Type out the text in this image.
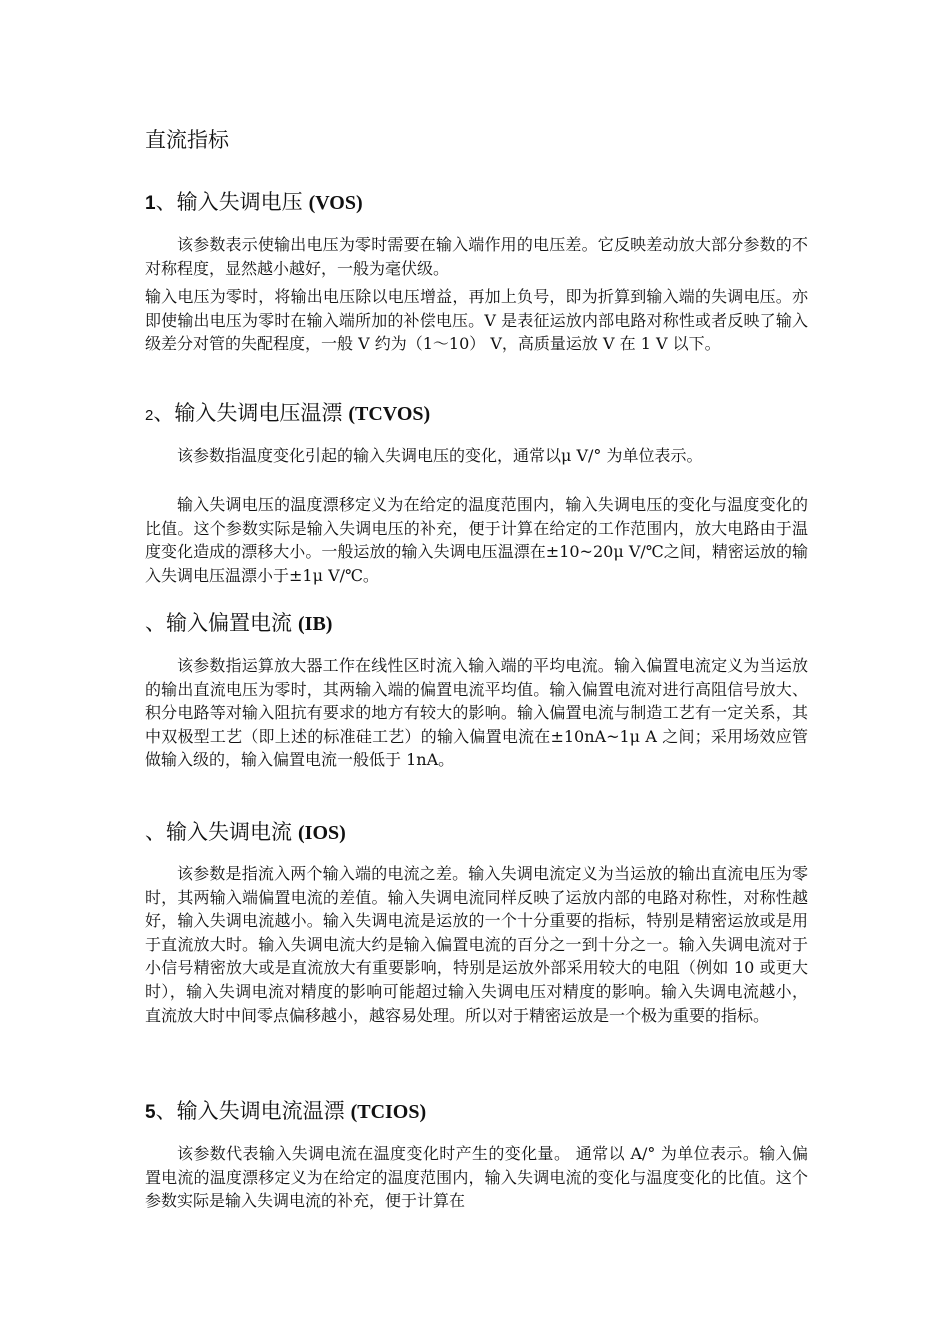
直流指标
1、输入失调电压 (VOS)

该参数表示使输出电压为零时需要在输入端作用的电压差。它反映差动放大部分参数的不对称程度，显然越小越好，一般为毫伏级。

输入电压为零时，将输出电压除以电压增益，再加上负号，即为折算到输入端的失调电压。亦即使输出电压为零时在输入端所加的补偿电压。V 是表征运放内部电路对称性或者反映了输入级差分对管的失配程度，一般 V 约为（1～10） V，高质量运放 V 在 1 V 以下。

2、输入失调电压温漂 (TCVOS)

该参数指温度变化引起的输入失调电压的变化，通常以μ V/° 为单位表示。

输入失调电压的温度漂移定义为在给定的温度范围内，输入失调电压的变化与温度变化的比值。这个参数实际是输入失调电压的补充，便于计算在给定的工作范围内，放大电路由于温度变化造成的漂移大小。一般运放的输入失调电压温漂在±10~20μ V/℃之间，精密运放的输入失调电压温漂小于±1μ V/℃。

、输入偏置电流 (IB)

该参数指运算放大器工作在线性区时流入输入端的平均电流。输入偏置电流定义为当运放的输出直流电压为零时，其两输入端的偏置电流平均值。输入偏置电流对进行高阻信号放大、积分电路等对输入阻抗有要求的地方有较大的影响。输入偏置电流与制造工艺有一定关系，其中双极型工艺（即上述的标准硅工艺）的输入偏置电流在±10nA~1μ A 之间；采用场效应管做输入级的，输入偏置电流一般低于 1nA。

、输入失调电流 (IOS)

该参数是指流入两个输入端的电流之差。输入失调电流定义为当运放的输出直流电压为零时，其两输入端偏置电流的差值。输入失调电流同样反映了运放内部的电路对称性，对称性越好，输入失调电流越小。输入失调电流是运放的一个十分重要的指标，特别是精密运放或是用于直流放大时。输入失调电流大约是输入偏置电流的百分之一到十分之一。输入失调电流对于小信号精密放大或是直流放大有重要影响，特别是运放外部采用较大的电阻（例如 10 或更大时），输入失调电流对精度的影响可能超过输入失调电压对精度的影响。输入失调电流越小，直流放大时中间零点偏移越小，越容易处理。所以对于精密运放是一个极为重要的指标。

5、输入失调电流温漂 (TCIOS)

该参数代表输入失调电流在温度变化时产生的变化量。 通常以 A/° 为单位表示。输入偏置电流的温度漂移定义为在给定的温度范围内，输入失调电流的变化与温度变化的比值。这个参数实际是输入失调电流的补充，便于计算在
